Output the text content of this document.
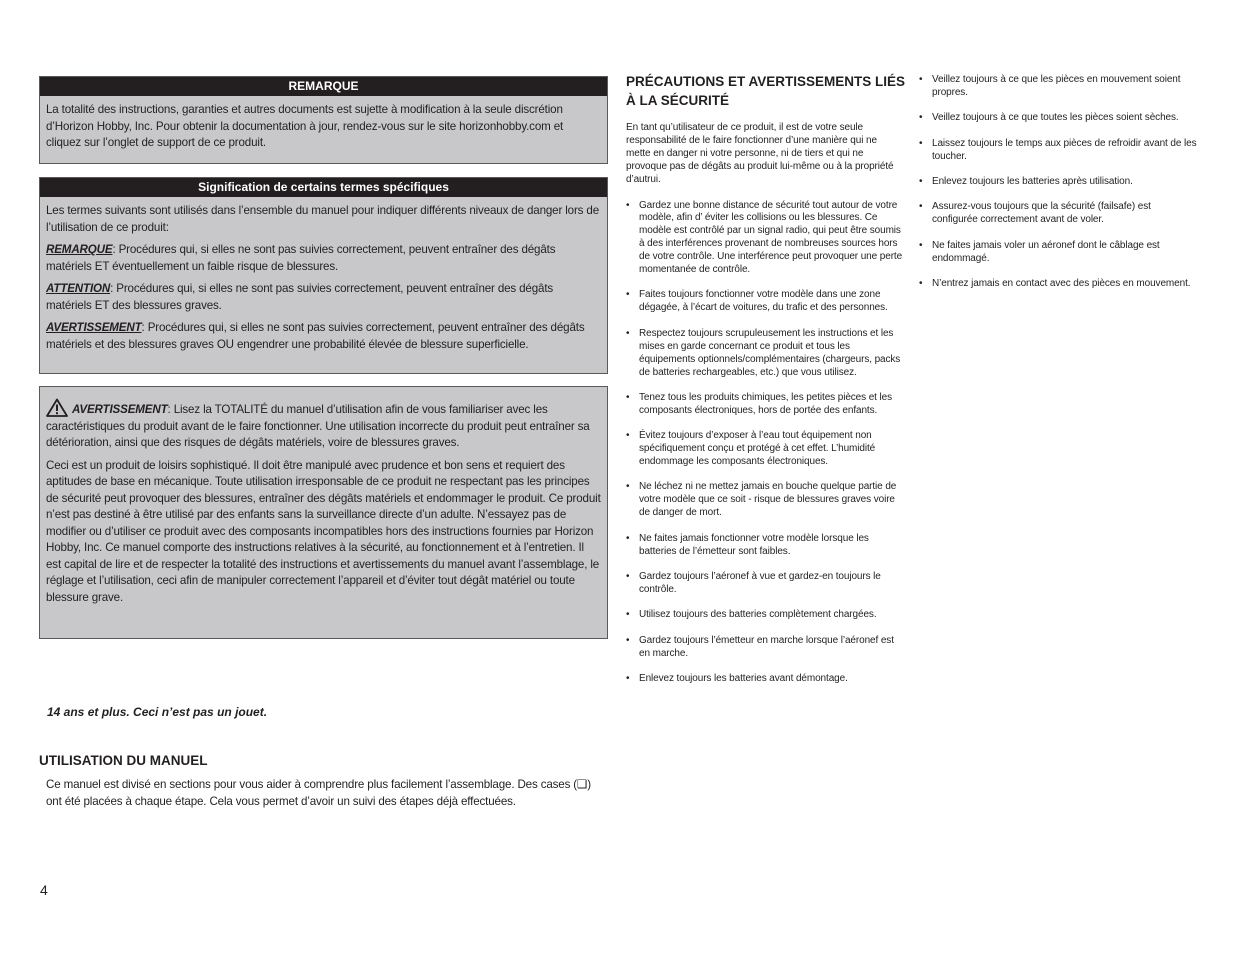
REMARQUE

La totalité des instructions, garanties et autres documents est sujette à modification à la seule discrétion d’Horizon Hobby, Inc. Pour obtenir la documentation à jour, rendez-vous sur le site horizonhobby.com et cliquez sur l’onglet de support de ce produit.

Signification de certains termes spécifiques

Les termes suivants sont utilisés dans l’ensemble du manuel pour indiquer différents niveaux de danger lors de l’utilisation de ce produit:

REMARQUE: Procédures qui, si elles ne sont pas suivies correctement, peuvent entraîner des dégâts matériels ET éventuellement un faible risque de blessures.

ATTENTION: Procédures qui, si elles ne sont pas suivies correctement, peuvent entraîner des dégâts matériels ET des blessures graves.

AVERTISSEMENT: Procédures qui, si elles ne sont pas suivies correctement, peuvent entraîner des dégâts matériels et des blessures graves OU engendrer une probabilité élevée de blessure superficielle.

AVERTISSEMENT: Lisez la TOTALITÉ du manuel d’utilisation afin de vous familiariser avec les caractéristiques du produit avant de le faire fonctionner. Une utilisation incorrecte du produit peut entraîner sa détérioration, ainsi que des risques de dégâts matériels, voire de blessures graves.

Ceci est un produit de loisirs sophistiqué. Il doit être manipulé avec prudence et bon sens et requiert des aptitudes de base en mécanique. Toute utilisation irresponsable de ce produit ne respectant pas les principes de sécurité peut provoquer des blessures, entraîner des dégâts matériels et endommager le produit. Ce produit n’est pas destiné à être utilisé par des enfants sans la surveillance directe d’un adulte. N’essayez pas de modifier ou d’utiliser ce produit avec des composants incompatibles hors des instructions fournies par Horizon Hobby, Inc. Ce manuel comporte des instructions relatives à la sécurité, au fonctionnement et à l’entretien. Il est capital de lire et de respecter la totalité des instructions et avertissements du manuel avant l’assemblage, le réglage et l’utilisation, ceci afin de manipuler correctement l’appareil et d’éviter tout dégât matériel ou toute blessure grave.

14 ans et plus. Ceci n’est pas un jouet.
UTILISATION DU MANUEL
Ce manuel est divisé en sections pour vous aider à comprendre plus facilement l’assemblage. Des cases (❑) ont été placées à chaque étape. Cela vous permet d’avoir un suivi des étapes déjà effectuées.
PRÉCAUTIONS ET AVERTISSEMENTS LIÉS À LA SÉCURITÉ
En tant qu’utilisateur de ce produit, il est de votre seule responsabilité de le faire fonctionner d’une manière qui ne mette en danger ni votre personne, ni de tiers et qui ne provoque pas de dégâts au produit lui-même ou à la propriété d’autrui.
• Gardez une bonne distance de sécurité tout autour de votre modèle, afin d’ éviter les collisions ou les blessures. Ce modèle est contrôlé par un signal radio, qui peut être soumis à des interférences provenant de nombreuses sources hors de votre contrôle. Une interférence peut provoquer une perte momentanée de contrôle.
• Faites toujours fonctionner votre modèle dans une zone dégagée, à l’écart de voitures, du trafic et des personnes.
• Respectez toujours scrupuleusement les instructions et les mises en garde concernant ce produit et tous les équipements optionnels/complémentaires (chargeurs, packs de batteries rechargeables, etc.) que vous utilisez.
• Tenez tous les produits chimiques, les petites pièces et les composants électroniques, hors de portée des enfants.
• Évitez toujours d’exposer à l’eau tout équipement non spécifiquement conçu et protégé à cet effet. L’humidité endommage les composants électroniques.
• Ne léchez ni ne mettez jamais en bouche quelque partie de votre modèle que ce soit - risque de blessures graves voire de danger de mort.
• Ne faites jamais fonctionner votre modèle lorsque les batteries de l’émetteur sont faibles.
• Gardez toujours l’aéronef à vue et gardez-en toujours le contrôle.
• Utilisez toujours des batteries complètement chargées.
• Gardez toujours l’émetteur en marche lorsque l’aéronef est en marche.
• Enlevez toujours les batteries avant démontage.
• Veillez toujours à ce que les pièces en mouvement soient propres.
• Veillez toujours à ce que toutes les pièces soient sèches.
• Laissez toujours le temps aux pièces de refroidir avant de les toucher.
• Enlevez toujours les batteries après utilisation.
• Assurez-vous toujours que la sécurité (failsafe) est configurée correctement avant de voler.
• Ne faites jamais voler un aéronef dont le câblage est endommagé.
• N’entrez jamais en contact avec des pièces en mouvement.
4
